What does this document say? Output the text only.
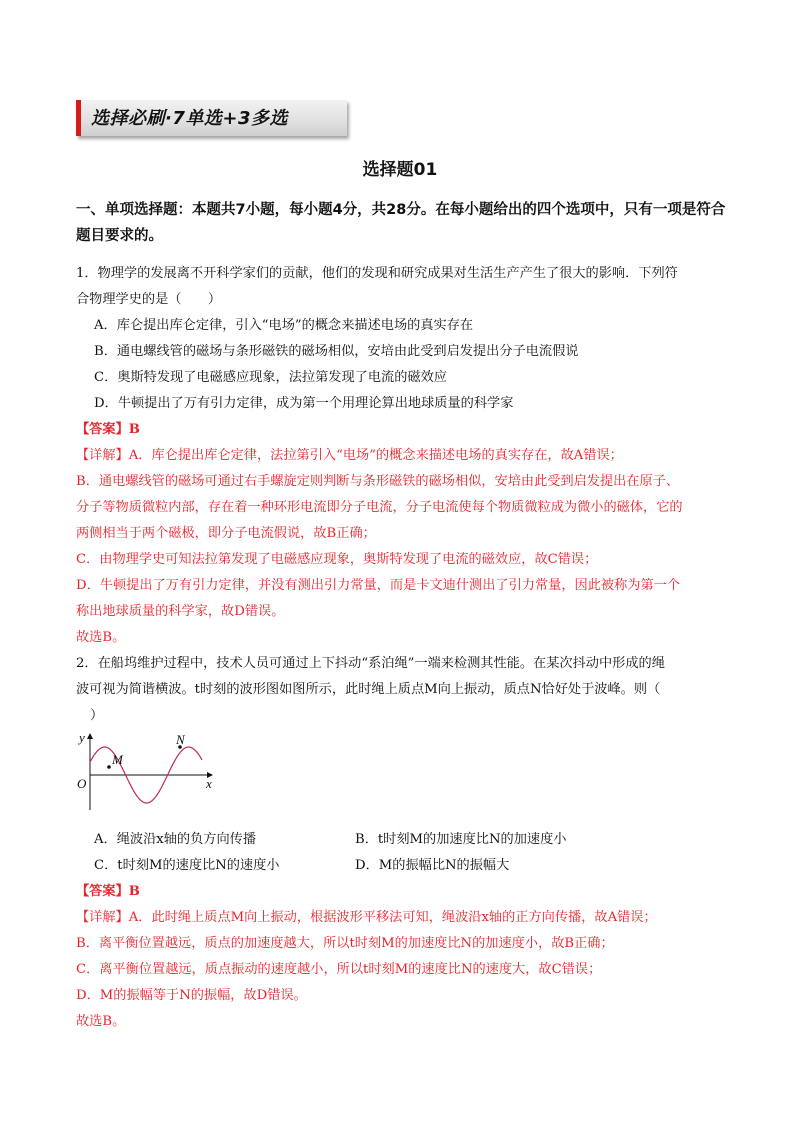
选择必刷·7单选+3多选
选择题01
一、单项选择题：本题共7小题，每小题4分，共28分。在每小题给出的四个选项中，只有一项是符合题目要求的。
1．物理学的发展离不开科学家们的贡献，他们的发现和研究成果对生活生产产生了很大的影响．下列符
合物理学史的是（　　）
A．库仑提出库仑定律，引入“电场”的概念来描述电场的真实存在
B．通电螺线管的磁场与条形磁铁的磁场相似，安培由此受到启发提出分子电流假说
C．奥斯特发现了电磁感应现象，法拉第发现了电流的磁效应
D．牛顿提出了万有引力定律，成为第一个用理论算出地球质量的科学家
【答案】B
【详解】A．库仑提出库仑定律，法拉第引入“电场”的概念来描述电场的真实存在，故A错误；
B．通电螺线管的磁场可通过右手螺旋定则判断与条形磁铁的磁场相似，安培由此受到启发提出在原子、
分子等物质微粒内部，存在着一种环形电流即分子电流，分子电流使每个物质微粒成为微小的磁体，它的
两侧相当于两个磁极，即分子电流假说，故B正确；
C．由物理学史可知法拉第发现了电磁感应现象，奥斯特发现了电流的磁效应，故C错误；
D．牛顿提出了万有引力定律，并没有测出引力常量，而是卡文迪什测出了引力常量，因此被称为第一个
称出地球质量的科学家，故D错误。
故选B。
2．在船坞维护过程中，技术人员可通过上下抖动“系泊绳”一端来检测其性能。在某次抖动中形成的绳
波可视为简谐横波。t时刻的波形图如图所示，此时绳上质点M向上振动，质点N恰好处于波峰。则（
）
y
x
O
M
N
A．绳波沿x轴的负方向传播	B．t时刻M的加速度比N的加速度小
C．t时刻M的速度比N的速度小	D．M的振幅比N的振幅大
【答案】B
【详解】A．此时绳上质点M向上振动，根据波形平移法可知，绳波沿x轴的正方向传播，故A错误；
B．离平衡位置越远，质点的加速度越大，所以t时刻M的加速度比N的加速度小，故B正确；
C．离平衡位置越远，质点振动的速度越小，所以t时刻M的速度比N的速度大，故C错误；
D．M的振幅等于N的振幅，故D错误。
故选B。
